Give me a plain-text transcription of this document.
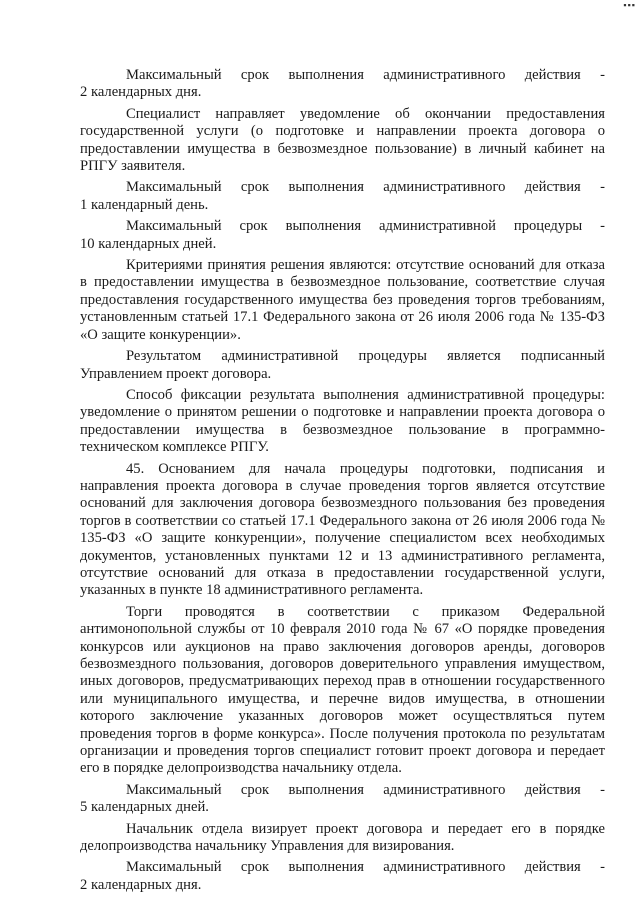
▪▪▪
Максимальный срок выполнения административного действия -
2 календарных дня.

Специалист направляет уведомление об окончании предоставления государственной услуги (о подготовке и направлении проекта договора о предоставлении имущества в безвозмездное пользование) в личный кабинет на РПГУ заявителя.

Максимальный срок выполнения административного действия -
1 календарный день.
Максимальный срок выполнения административной процедуры -
10 календарных дней.

Критериями принятия решения являются: отсутствие оснований для отказа в предоставлении имущества в безвозмездное пользование, соответствие случая предоставления государственного имущества без проведения торгов требованиям, установленным статьей 17.1 Федерального закона от 26 июля 2006 года № 135-ФЗ «О защите конкуренции».

Результатом административной процедуры является подписанный
Управлением проект договора.

Способ фиксации результата выполнения административной процедуры: уведомление о принятом решении о подготовке и направлении проекта договора о предоставлении имущества в безвозмездное пользование в программно-техническом комплексе РПГУ.

45. Основанием для начала процедуры подготовки, подписания и направления проекта договора в случае проведения торгов является отсутствие оснований для заключения договора безвозмездного пользования без проведения торгов в соответствии со статьей 17.1 Федерального закона от 26 июля 2006 года № 135-ФЗ «О защите конкуренции», получение специалистом всех необходимых документов, установленных пунктами 12 и 13 административного регламента, отсутствие оснований для отказа в предоставлении государственной услуги, указанных в пункте 18 административного регламента.

Торги проводятся в соответствии с приказом Федеральной антимонопольной службы от 10 февраля 2010 года № 67 «О порядке проведения конкурсов или аукционов на право заключения договоров аренды, договоров безвозмездного пользования, договоров доверительного управления имуществом, иных договоров, предусматривающих переход прав в отношении государственного или муниципального имущества, и перечне видов имущества, в отношении которого заключение указанных договоров может осуществляться путем проведения торгов в форме конкурса». После получения протокола по результатам организации и проведения торгов специалист готовит проект договора и передает его в порядке делопроизводства начальнику отдела.

Максимальный срок выполнения административного действия -
5 календарных дней.

Начальник отдела визирует проект договора и передает его в порядке делопроизводства начальнику Управления для визирования.

Максимальный срок выполнения административного действия -
2 календарных дня.
